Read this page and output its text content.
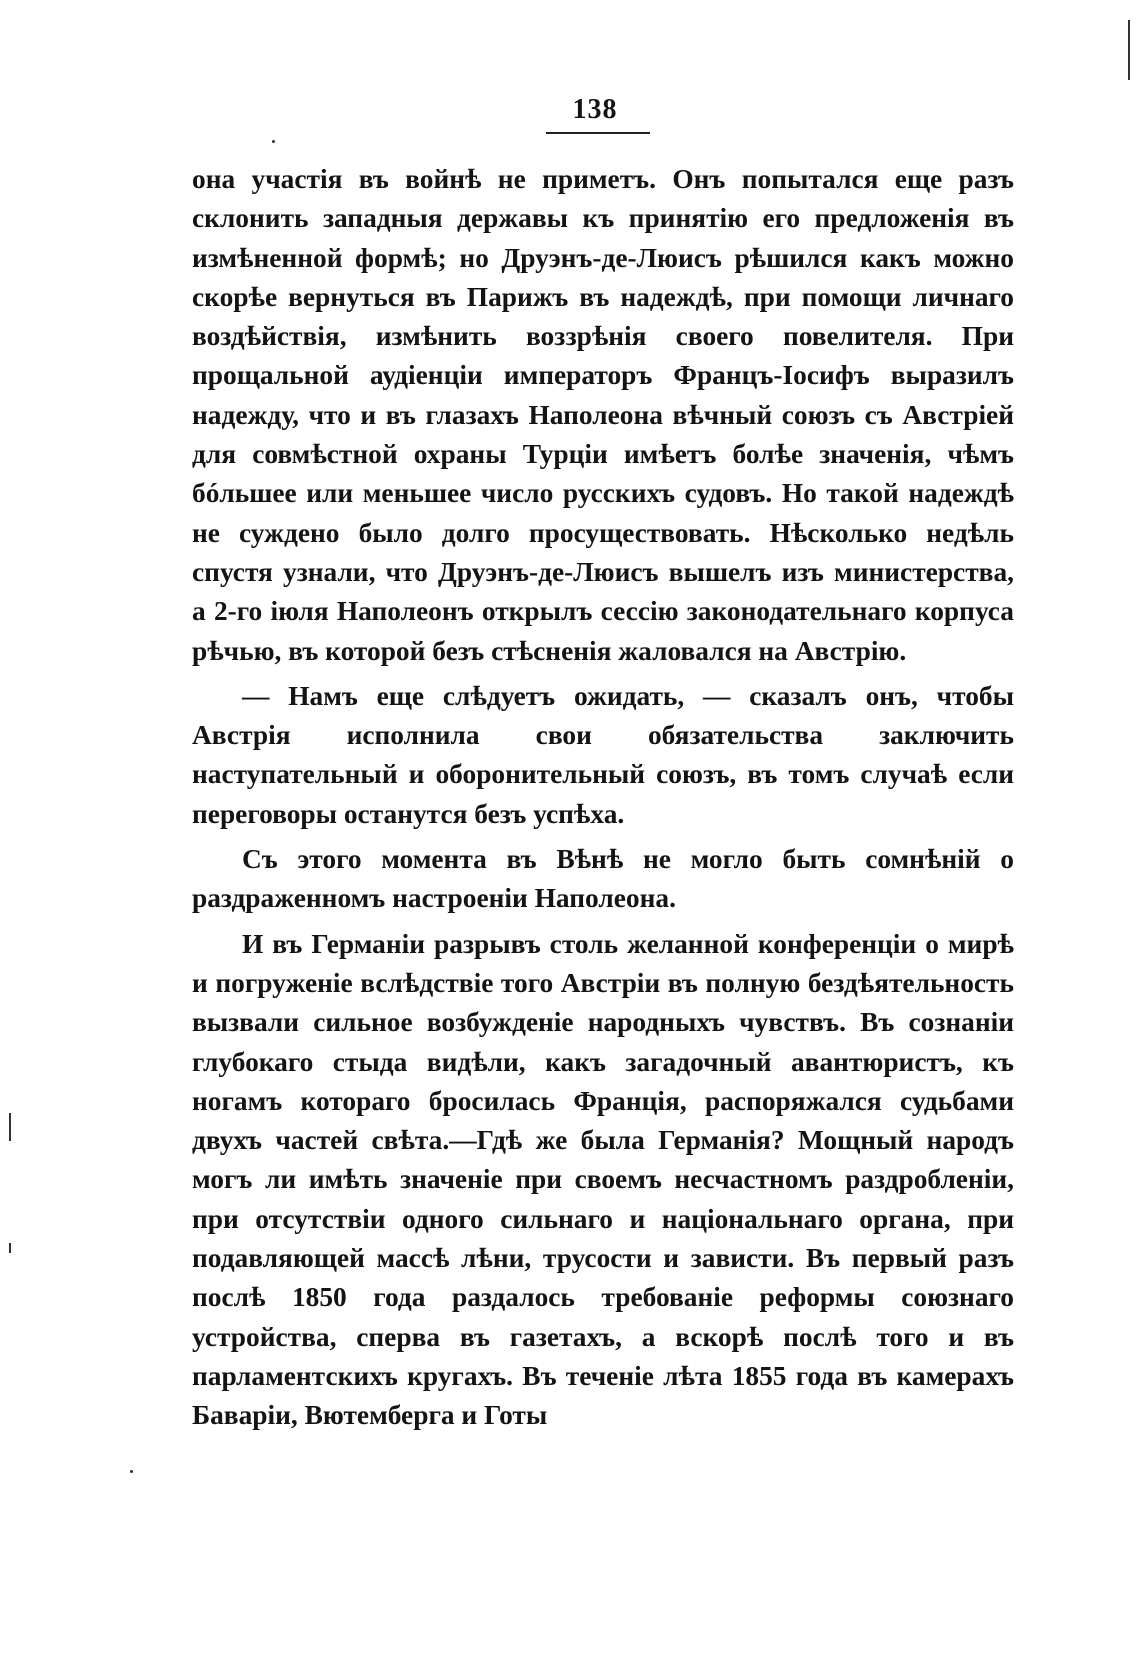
138

она участія въ войнѣ не приметъ. Онъ попытался еще разъ склонить западныя державы къ принятію его предложенія въ измѣненной формѣ; но Друэнъ-де-Люисъ рѣшился какъ можно скорѣе вернуться въ Парижъ въ надеждѣ, при помощи личнаго воздѣйствія, измѣнить воззрѣнія своего повелителя. При прощальной аудіенціи императоръ Францъ-Іосифъ выразилъ надежду, что и въ глазахъ Наполеона вѣчный союзъ съ Австріей для совмѣстной охраны Турціи имѣетъ болѣе значенія, чѣмъ бóльшее или меньшее число русскихъ судовъ. Но такой надеждѣ не суждено было долго просуществовать. Нѣсколько недѣль спустя узнали, что Друэнъ-де-Люисъ вышелъ изъ министерства, а 2-го іюля Наполеонъ открылъ сессію законодательнаго корпуса рѣчью, въ которой безъ стѣсненія жаловался на Австрію.

— Намъ еще слѣдуетъ ожидать, — сказалъ онъ, чтобы Австрія исполнила свои обязательства заключить наступательный и оборонительный союзъ, въ томъ случаѣ если переговоры останутся безъ успѣха.

Съ этого момента въ Вѣнѣ не могло быть сомнѣній о раздраженномъ настроеніи Наполеона.

И въ Германіи разрывъ столь желанной конференціи о мирѣ и погруженіе вслѣдствіе того Австріи въ полную бездѣятельность вызвали сильное возбужденіе народныхъ чувствъ. Въ сознаніи глубокаго стыда видѣли, какъ загадочный авантюристъ, къ ногамъ котораго бросилась Франція, распоряжался судьбами двухъ частей свѣта.—Гдѣ же была Германія? Мощный народъ могъ ли имѣть значеніе при своемъ несчастномъ раздробленіи, при отсутствіи одного сильнаго и національнаго органа, при подавляющей массѣ лѣни, трусости и зависти. Въ первый разъ послѣ 1850 года раздалось требованіе реформы союзнаго устройства, сперва въ газетахъ, а вскорѣ послѣ того и въ парламентскихъ кругахъ. Въ теченіе лѣта 1855 года въ камерахъ Баваріи, Вютемберга и Готы
